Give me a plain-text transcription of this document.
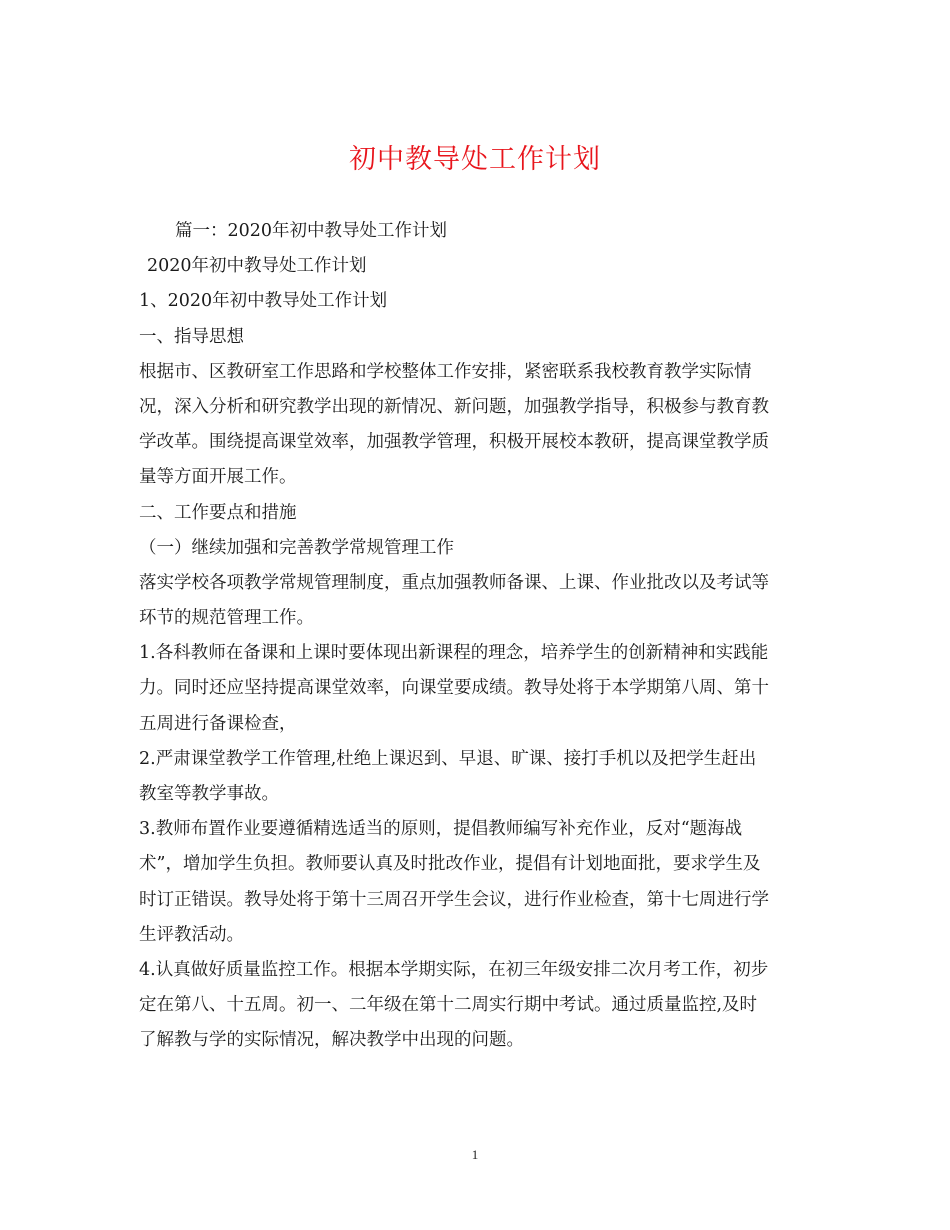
初中教导处工作计划

篇一：2020年初中教导处工作计划

2020年初中教导处工作计划

1、2020年初中教导处工作计划

一、指导思想

根据市、区教研室工作思路和学校整体工作安排，紧密联系我校教育教学实际情

况，深入分析和研究教学出现的新情况、新问题，加强教学指导，积极参与教育教

学改革。围绕提高课堂效率，加强教学管理，积极开展校本教研，提高课堂教学质

量等方面开展工作。

二、工作要点和措施

（一）继续加强和完善教学常规管理工作

落实学校各项教学常规管理制度，重点加强教师备课、上课、作业批改以及考试等

环节的规范管理工作。

1.各科教师在备课和上课时要体现出新课程的理念，培养学生的创新精神和实践能

力。同时还应坚持提高课堂效率，向课堂要成绩。教导处将于本学期第八周、第十

五周进行备课检查，

2.严肃课堂教学工作管理,杜绝上课迟到、早退、旷课、接打手机以及把学生赶出

教室等教学事故。

3.教师布置作业要遵循精选适当的原则，提倡教师编写补充作业，反对“题海战

术”，增加学生负担。教师要认真及时批改作业，提倡有计划地面批，要求学生及

时订正错误。教导处将于第十三周召开学生会议，进行作业检查，第十七周进行学

生评教活动。

4.认真做好质量监控工作。根据本学期实际，在初三年级安排二次月考工作，初步

定在第八、十五周。初一、二年级在第十二周实行期中考试。通过质量监控,及时

了解教与学的实际情况，解决教学中出现的问题。

1
